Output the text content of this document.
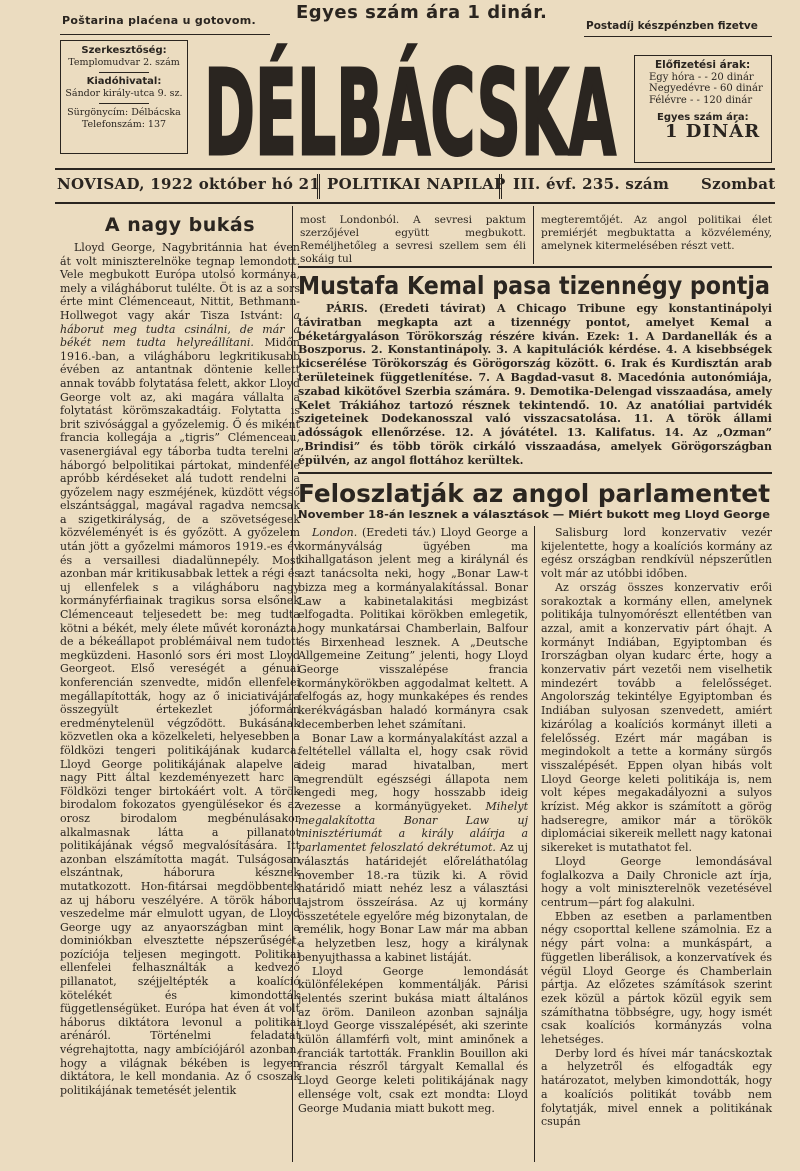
Poštarina plaćena u gotovom. Egyes szám ára 1 dinár.
Postadíj készpénzben fizetve
Szerkesztőség:
Templomudvar 2. szám
Kiadóhivatal:
Sándor király-utca 9. sz.
Sürgönycím: Délbácska
Telefonszám: 137 DÉLBÁCSKA	Előfizetési árak:
Egy hóra - - 20 dinár
Negyedévre - 60 dinár
Félévre - - 120 dinár
Egyes szám ára:
1 DINÁR
NOVISAD, 1922 október hó 21 POLITIKAI NAPILAP III. évf. 235. szám Szombat
A nagy bukás
Lloyd George, Nagybritánnia hat éven át volt miniszterelnöke tegnap lemondott. Vele megbukott Európa utolsó kormánya, mely a világháborut tulélte. Öt is az a sors érte mint Clémenceaut, Nittit, Bethmann-Hollwegot vagy akár Tisza Istvánt: a háborut meg tudta csinálni, de már a békét nem tudta helyreállítani. Midőn 1916.-ban, a világháboru legkritikusabb évében az antantnak döntenie kellett annak tovább folytatása felett, akkor Lloyd George volt az, aki magára vállalta a folytatást körömszakadtáig. Folytatta is brit szivósággal a győzelemig. Ő és miként francia kollegája a „tigris” Clémenceau, vasenergiával egy táborba tudta terelni a háborgó belpolitikai pártokat, mindenféle apróbb kérdéseket alá tudott rendelni a győzelem nagy eszméjének, küzdött végső elszántsággal, magával ragadva nemcsak a szigetkirályság, de a szövetségesek közvéleményét is és győzött. A győzelem után jött a győzelmi mámoros 1919.-es év és a versaillesi diadalünnepély. Most azonban már kritikusabbak lettek a régi és uj ellenfelek s a világháboru nagy kormányférfiainak tragikus sorsa elsőnek Clémenceaut teljesedett be: meg tudta kötni a békét, mely élete művét koronázta, de a békeállapot problémáival nem tudott megküzdeni. Hasonló sors éri most Lloyd Georgeot. Első vereségét a génuai konferencián szenvedte, midőn ellenfelei megállapították, hogy az ő iniciativájára összegyült értekezlet jóformán eredménytelenül végződött. Bukásának közvetlen oka a közelkeleti, helyesebben a földközi tengeri politikájának kudarca. Lloyd George politikájának alapelve a nagy Pitt által kezdeményezett harc a Földközi tenger birtokáért volt. A török birodalom fokozatos gyengülésekor és az orosz birodalom megbénulásakor alkalmasnak látta a pillanatot politikájának végső megvalósítására. Itt azonban elszámította magát. Tulságosan elszántnak, háborura késznek mutatkozott. Hon-fitársai megdöbbentek az uj háboru veszélyére. A török háboru veszedelme már elmulott ugyan, de Lloyd George ugy az anyaországban mint a dominiókban elvesztette népszerűségét, pozíciója teljesen megingott. Politikai ellenfelei felhasználták a kedvező pillanatot, széjjeltépték a koalíció kötelékét és kimondották függetlenségüket. Európa hat éven át volt háborus diktátora levonul a politikai arénáról. Történelmi feladatát végrehajtotta, nagy ambíciójáról azonban, hogy a világnak békében is legyen diktátora, le kell mondania. Az ő csoszak politikájának temetését jelentik
most Londonból. A sevresi paktum szerzőjével együtt megbukott. Reméljhetőleg a sevresi szellem sem éli sokáig tul
megteremtőjét. Az angol politikai élet premiérjét megbuktatta a közvélemény, amelynek kitermelésében részt vett.
Mustafa Kemal pasa tizennégy pontja
PÁRIS. (Eredeti távirat) A Chicago Tribune egy konstantinápolyi táviratban megkapta azt a tizennégy pontot, amelyet Kemal a béketárgyaláson Törökország részére kiván. Ezek: 1. A Dardanellák és a Boszporus. 2. Konstantinápoly. 3. A kapitulációk kérdése. 4. A kisebbségek kicserélése Törökország és Görögország között. 6. Irak és Kurdisztán arab területeinek függetlenítése. 7. A Bagdad-vasut 8. Macedónia autonómiája, szabad kikötővel Szerbia számára. 9. Demotika-Delengad visszaadása, amely Kelet Trákiához tartozó résznek tekintendő. 10. Az anatóliai partvidék szigeteinek Dodekanosszal való visszacsatolása. 11. A török állami adósságok ellenőrzése. 12. A jóvátétel. 13. Kalifatus. 14. Az „Ozman” „Brindisi” és több török cirkáló visszaadása, amelyek Görögországban épülvén, az angol flottához kerültek.
Feloszlatják az angol parlamentet
November 18-án lesznek a választások — Miért bukott meg Lloyd George

London. (Eredeti táv.) Lloyd George a kormányválság ügyében ma kihallgatáson jelent meg a királynál és azt tanácsolta neki, hogy „Bonar Law-t bizza meg a kormányalakítással. Bonar Law a kabinetalakitási megbizást elfogadta. Politikai körökben emlegetik, hogy munkatársai Chamberlain, Balfour és Birxenhead lesznek. A „Deutsche Allgemeine Zeitung” jelenti, hogy Lloyd George visszalépése francia kormánykörökben aggodalmat keltett. A felfogás az, hogy munkaképes és rendes kerékvágásban haladó kormányra csak decemberben lehet számítani.

Bonar Law a kormányalakítást azzal a feltétellel vállalta el, hogy csak rövid ideig marad hivatalban, mert megrendült egészségi állapota nem engedi meg, hogy hosszabb ideig vezesse a kormányügyeket. Mihelyt megalakította Bonar Law uj minisztériumát a király aláírja a parlamentet feloszlató dekrétumot. Az uj választás határidejét előreláthatólag november 18.-ra tüzik ki. A rövid határidő miatt nehéz lesz a választási lajstrom összeírása. Az uj kormány összetétele egyelőre még bizonytalan, de remélik, hogy Bonar Law már ma abban a helyzetben lesz, hogy a királynak benyujthassa a kabinet listáját.

Lloyd George lemondását különféleképen kommentálják. Párisi jelentés szerint bukása miatt általános az öröm. Danileon azonban sajnálja Lloyd George visszalépését, aki szerinte külön államférfi volt, mint aminőnek a franciák tartották. Franklin Bouillon aki francia részről tárgyalt Kemallal és Lloyd George keleti politikájának nagy ellensége volt, csak ezt mondta: Lloyd George Mudania miatt bukott meg.

Salisburg lord konzervativ vezér kijelentette, hogy a koalíciós kormány az egész országban rendkívül népszerűtlen volt már az utóbbi időben.

Az ország összes konzervativ erői sorakoztak a kormány ellen, amelynek politikája tulnyomórészt ellentétben van azzal, amit a konzervativ párt óhajt. A kormányt Indiában, Egyiptomban és Irországban olyan kudarc érte, hogy a konzervativ párt vezetői nem viselhetik mindezért tovább a felelősséget. Angolország tekintélye Egyiptomban és Indiában sulyosan szenvedett, amiért kizárólag a koalíciós kormányt illeti a felelősség. Ezért már magában is megindokolt a tette a kormány sürgős visszalépését. Eppen olyan hibás volt Lloyd George keleti politikája is, nem volt képes megakadályozni a sulyos krízist. Még akkor is számított a görög hadseregre, amikor már a törökök diplomáciai sikereik mellett nagy katonai sikereket is mutathatot fel.

Lloyd George lemondásával foglalkozva a Daily Chronicle azt írja, hogy a volt miniszterelnök vezetésével centrum—párt fog alakulni.

Ebben az esetben a parlamentben négy csoporttal kellene számolnia. Ez a négy párt volna: a munkáspárt, a független liberálisok, a konzervatívek és végül Lloyd George és Chamberlain pártja. Az előzetes számítások szerint ezek közül a pártok közül egyik sem számíthatna többségre, ugy, hogy ismét csak koalíciós kormányzás volna lehetséges.

Derby lord és hívei már tanácskoztak a helyzetről és elfogadták egy határozatot, melyben kimondották, hogy a koalíciós politikát tovább nem folytatják, mivel ennek a politikának csupán
